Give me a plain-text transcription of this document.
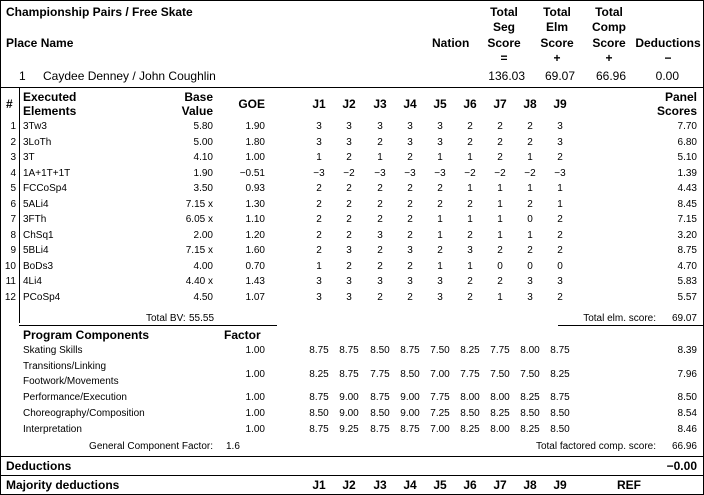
Championship Pairs / Free Skate
Place Name	Nation
Total
Seg
Score
=
Total
Elm
Score
+
Total
Comp
Score
+
Deductions
−
1 Caydee Denney / John Coughlin	136.03	69.07	66.96	0.00
# Executed
Elements
Base
Value	GOE	Panel
Scores
Total BV: 55.55	Total elm. score:	69.07
Program Components	Factor
General Component Factor: 1.6	Total factored comp. score:	66.96
Deductions	−0.00
Majority deductions	REF
J1
J1
J2
J2
J3
J3
J4
J4
J5
J5
J6
J6
J7
J7
J8
J8
J9
J9
1 3Tw3	5.80	1.90	3	3	3	3	3	2	2	2	3	7.70
2 3LoTh	5.00	1.80	3	3	2	3	3	2	2	2	3	6.80
3 3T	4.10	1.00	1	2	1	2	1	1	2	1	2	5.10
4 1A+1T+1T	1.90	−0.51	−3	−2	−3	−3	−3	−2	−2	−2	−3	1.39
5 FCCoSp4	3.50	0.93	2	2	2	2	2	1	1	1	1	4.43
6 5ALi4	7.15 x	1.30	2	2	2	2	2	2	1	2	1	8.45
7 3FTh	6.05 x	1.10	2	2	2	2	1	1	1	0	2	7.15
8 ChSq1	2.00	1.20	2	2	3	2	1	2	1	1	2	3.20
9 5BLi4	7.15 x	1.60	2	3	2	3	2	3	2	2	2	8.75
10 BoDs3	4.00	0.70	1	2	2	2	1	1	0	0	0	4.70
11 4Li4	4.40 x	1.43	3	3	3	3	3	2	2	3	3	5.83
12 PCoSp4	4.50	1.07	3	3	2	2	3	2	1	3	2	5.57
Skating Skills	1.00	8.75	8.75	8.50	8.75	7.50	8.25	7.75	8.00	8.75	8.39
Transitions/Linking
Footwork/Movements
1.00	8.25	8.75	7.75	8.50	7.00	7.75	7.50	7.50	8.25	7.96
Performance/Execution	1.00	8.75	9.00	8.75	9.00	7.75	8.00	8.00	8.25	8.75	8.50
Choreography/Composition	1.00	8.50	9.00	8.50	9.00	7.25	8.50	8.25	8.50	8.50	8.54
Interpretation	1.00	8.75	9.25	8.75	8.75	7.00	8.25	8.00	8.25	8.50	8.46
